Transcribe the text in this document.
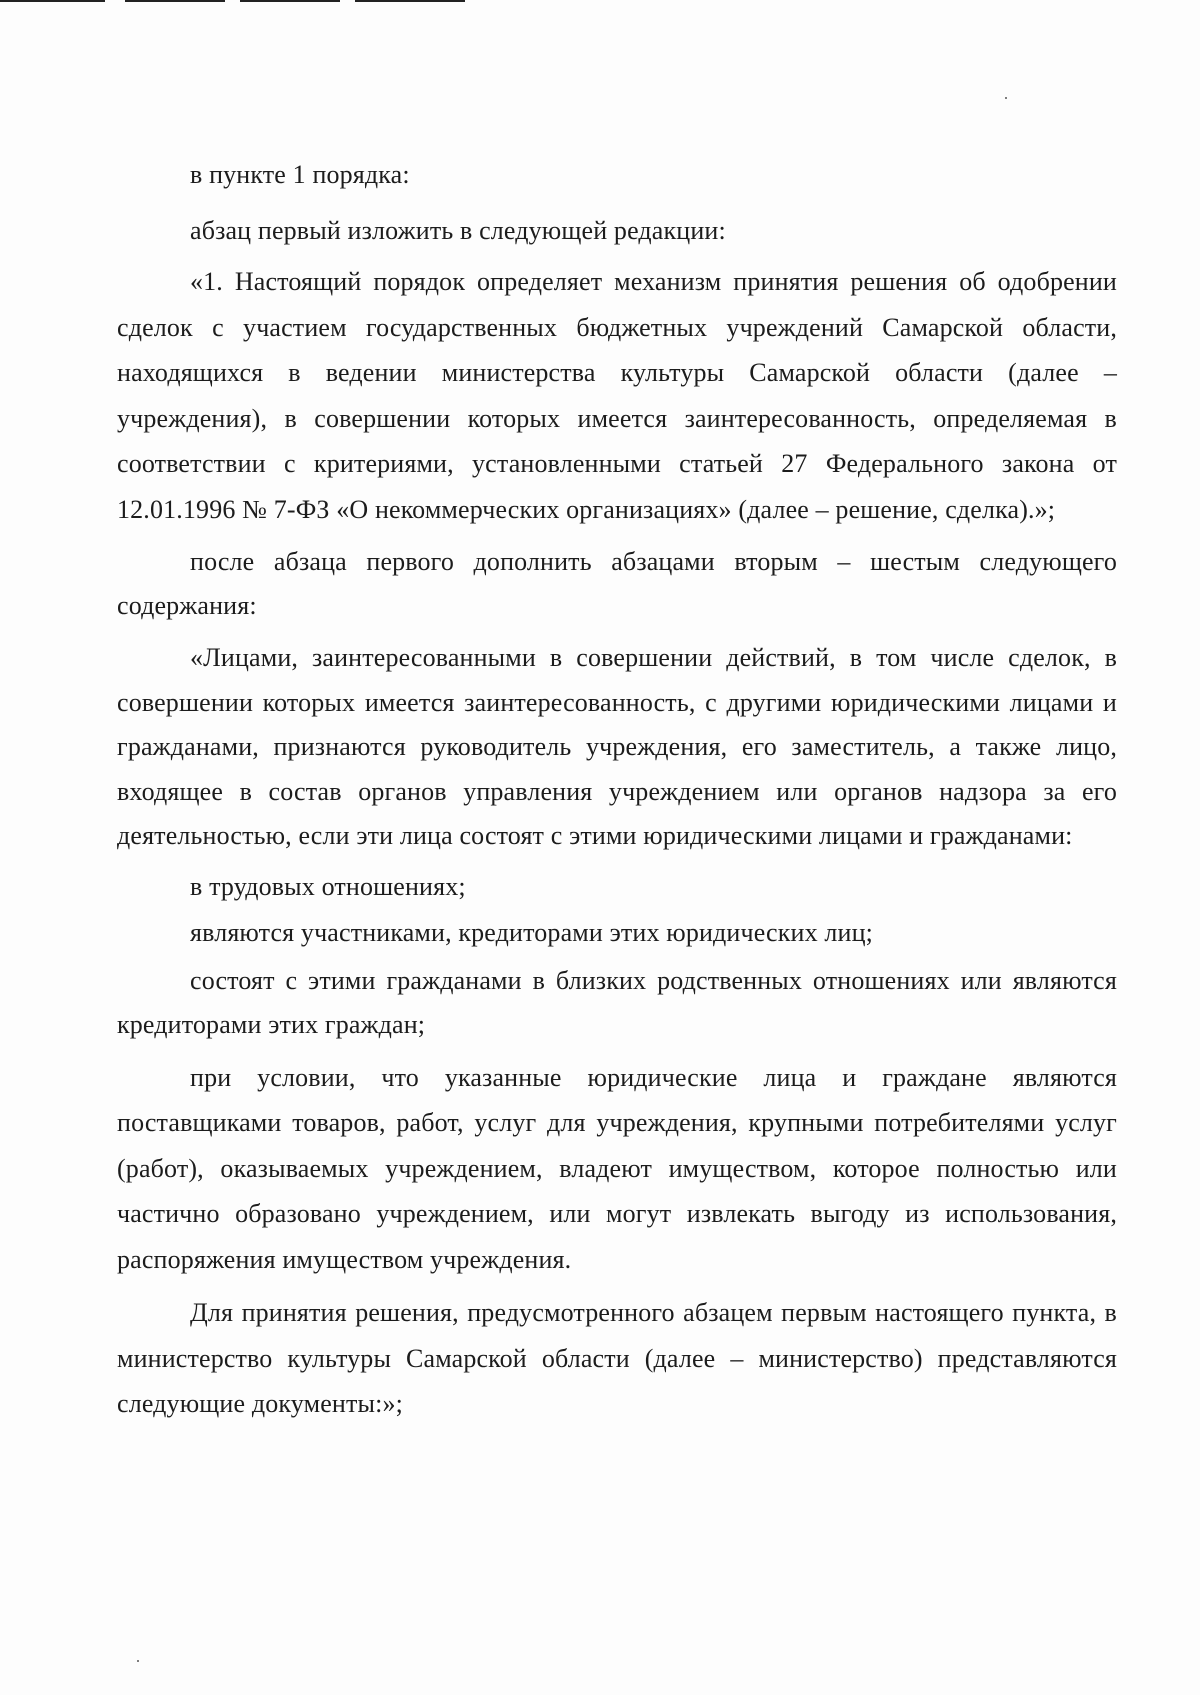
в пункте 1 порядка:

абзац первый изложить в следующей редакции:

«1. Настоящий порядок определяет механизм принятия решения об одобрении сделок с участием государственных бюджетных учреждений Самарской области, находящихся в ведении министерства культуры Самарской области (далее – учреждения), в совершении которых имеется заинтересованность, определяемая в соответствии с критериями, установленными статьей 27 Федерального закона от 12.01.1996 № 7-ФЗ «О некоммерческих организациях» (далее – решение, сделка).»;

после абзаца первого дополнить абзацами вторым – шестым следующего содержания:

«Лицами, заинтересованными в совершении действий, в том числе сделок, в совершении которых имеется заинтересованность, с другими юридическими лицами и гражданами, признаются руководитель учреждения, его заместитель, а также лицо, входящее в состав органов управления учреждением или органов надзора за его деятельностью, если эти лица состоят с этими юридическими лицами и гражданами:

в трудовых отношениях;

являются участниками, кредиторами этих юридических лиц;

состоят с этими гражданами в близких родственных отношениях или являются кредиторами этих граждан;

при условии, что указанные юридические лица и граждане являются поставщиками товаров, работ, услуг для учреждения, крупными потребителями услуг (работ), оказываемых учреждением, владеют имуществом, которое полностью или частично образовано учреждением, или могут извлекать выгоду из использования, распоряжения имуществом учреждения.

Для принятия решения, предусмотренного абзацем первым настоящего пункта, в министерство культуры Самарской области (далее – министерство) представляются следующие документы:»;
